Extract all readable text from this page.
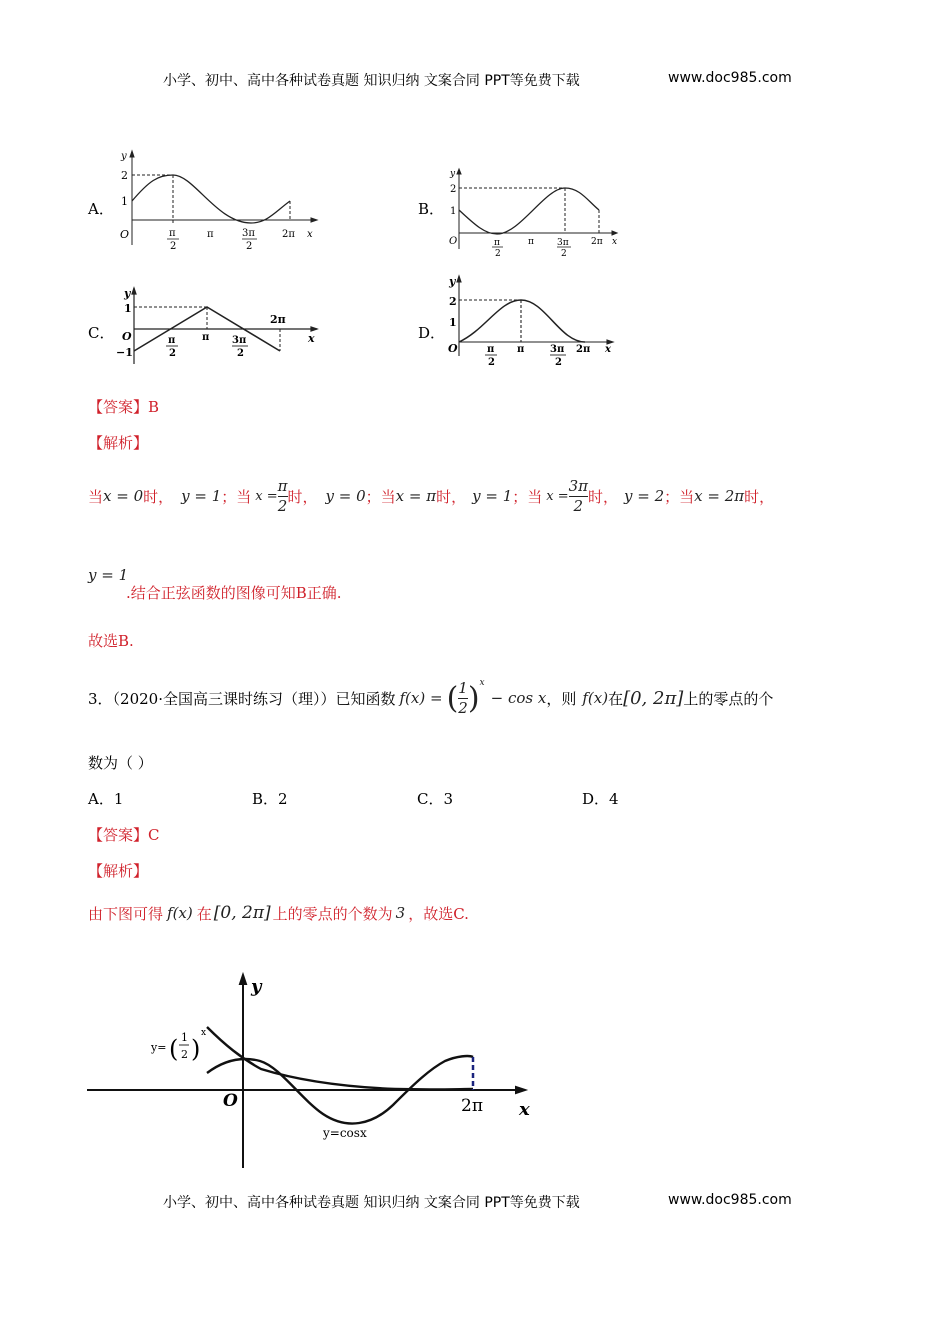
小学、初中、高中各种试卷真题 知识归纳 文案合同 PPT等免费下载	www.doc985.com
A．	B．
C．	D．
y
2
1
O	π
2
π	3π
2
2π x
y
2
1
O	π
2
π	3π
2
2π x
y
1
O
−1
π
2
π 3π
2
2π
x
y
2
1
O	π
2
π	3π
2
2π x
【答案】B
【解析】
当 x = 0 时， y = 1 ；当 $x = \frac{\pi}{2}$ 时， y = 0 ；当 x = π 时， y = 1 ；当 $x = \frac{3\pi}{2}$ 时， y = 2 ；当 x = 2π 时，
y = 1
.结合正弦函数的图像可知B正确.
故选B.
3．（2020·全国高三课时练习（理））已知函数 f(x) = ( $\frac{1}{2}$ ) x
− cos x ，则 f(x) 在 [0, 2π] 上的零点的个
数为（ ）
A．1	B．2	C．3	D．4
【答案】C
【解析】
由下图可得 f(x) 在 [0, 2π] 上的零点的个数为 3 ，故选C.
y
x
O	2π
y=cosx
y= ( 1
2 )
x
小学、初中、高中各种试卷真题 知识归纳 文案合同 PPT等免费下载	www.doc985.com
